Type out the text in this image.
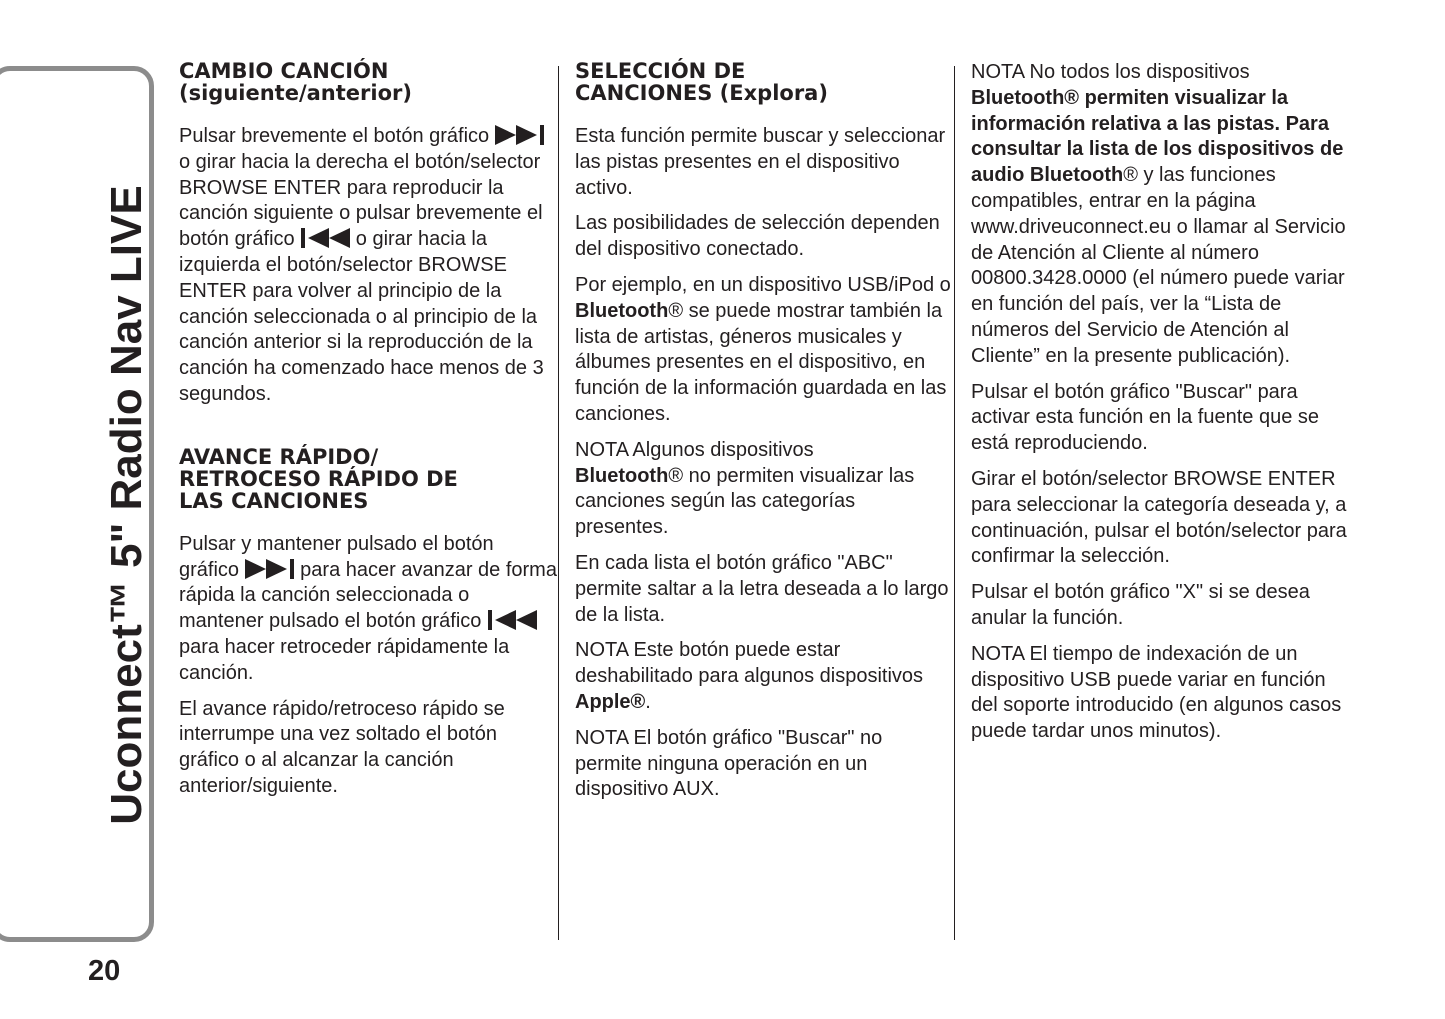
Uconnect™ 5" Radio Nav LIVE
20
CAMBIO CANCIÓN
(siguiente/anterior)

Pulsar brevemente el botón gráfico  o girar hacia la derecha el botón/selector BROWSE ENTER para reproducir la canción siguiente o pulsar brevemente el botón gráfico	o girar hacia la izquierda el botón/selector BROWSE ENTER para volver al principio de la canción seleccionada o al principio de la canción anterior si la reproducción de la canción ha comenzado hace menos de 3 segundos.

AVANCE RÁPIDO/
RETROCESO RÁPIDO DE
LAS CANCIONES

Pulsar y mantener pulsado el botón gráfico	para hacer avanzar de forma rápida la canción seleccionada o mantener pulsado el botón gráfico  para hacer retroceder rápidamente la canción.

El avance rápido/retroceso rápido se interrumpe una vez soltado el botón gráfico o al alcanzar la canción anterior/siguiente.

SELECCIÓN DE
CANCIONES (Explora)

Esta función permite buscar y seleccionar las pistas presentes en el dispositivo activo.

Las posibilidades de selección dependen del dispositivo conectado.

Por ejemplo, en un dispositivo USB/iPod o Bluetooth® se puede mostrar también la lista de artistas, géneros musicales y álbumes presentes en el dispositivo, en función de la información guardada en las canciones.

NOTA Algunos dispositivos
Bluetooth® no permiten visualizar las canciones según las categorías presentes.

En cada lista el botón gráfico "ABC" permite saltar a la letra deseada a lo largo de la lista.

NOTA Este botón puede estar deshabilitado para algunos dispositivos Apple®.

NOTA El botón gráfico "Buscar" no permite ninguna operación en un dispositivo AUX.

NOTA No todos los dispositivos Bluetooth® permiten visualizar la información relativa a las pistas. Para consultar la lista de los dispositivos de audio Bluetooth® y las funciones compatibles, entrar en la página www.driveuconnect.eu o llamar al Servicio de Atención al Cliente al número 00800.3428.0000 (el número puede variar en función del país, ver la “Lista de números del Servicio de Atención al Cliente” en la presente publicación).

Pulsar el botón gráfico "Buscar" para activar esta función en la fuente que se está reproduciendo.

Girar el botón/selector BROWSE ENTER para seleccionar la categoría deseada y, a continuación, pulsar el botón/selector para confirmar la selección.

Pulsar el botón gráfico "X" si se desea anular la función.

NOTA El tiempo de indexación de un dispositivo USB puede variar en función del soporte introducido (en algunos casos puede tardar unos minutos).
